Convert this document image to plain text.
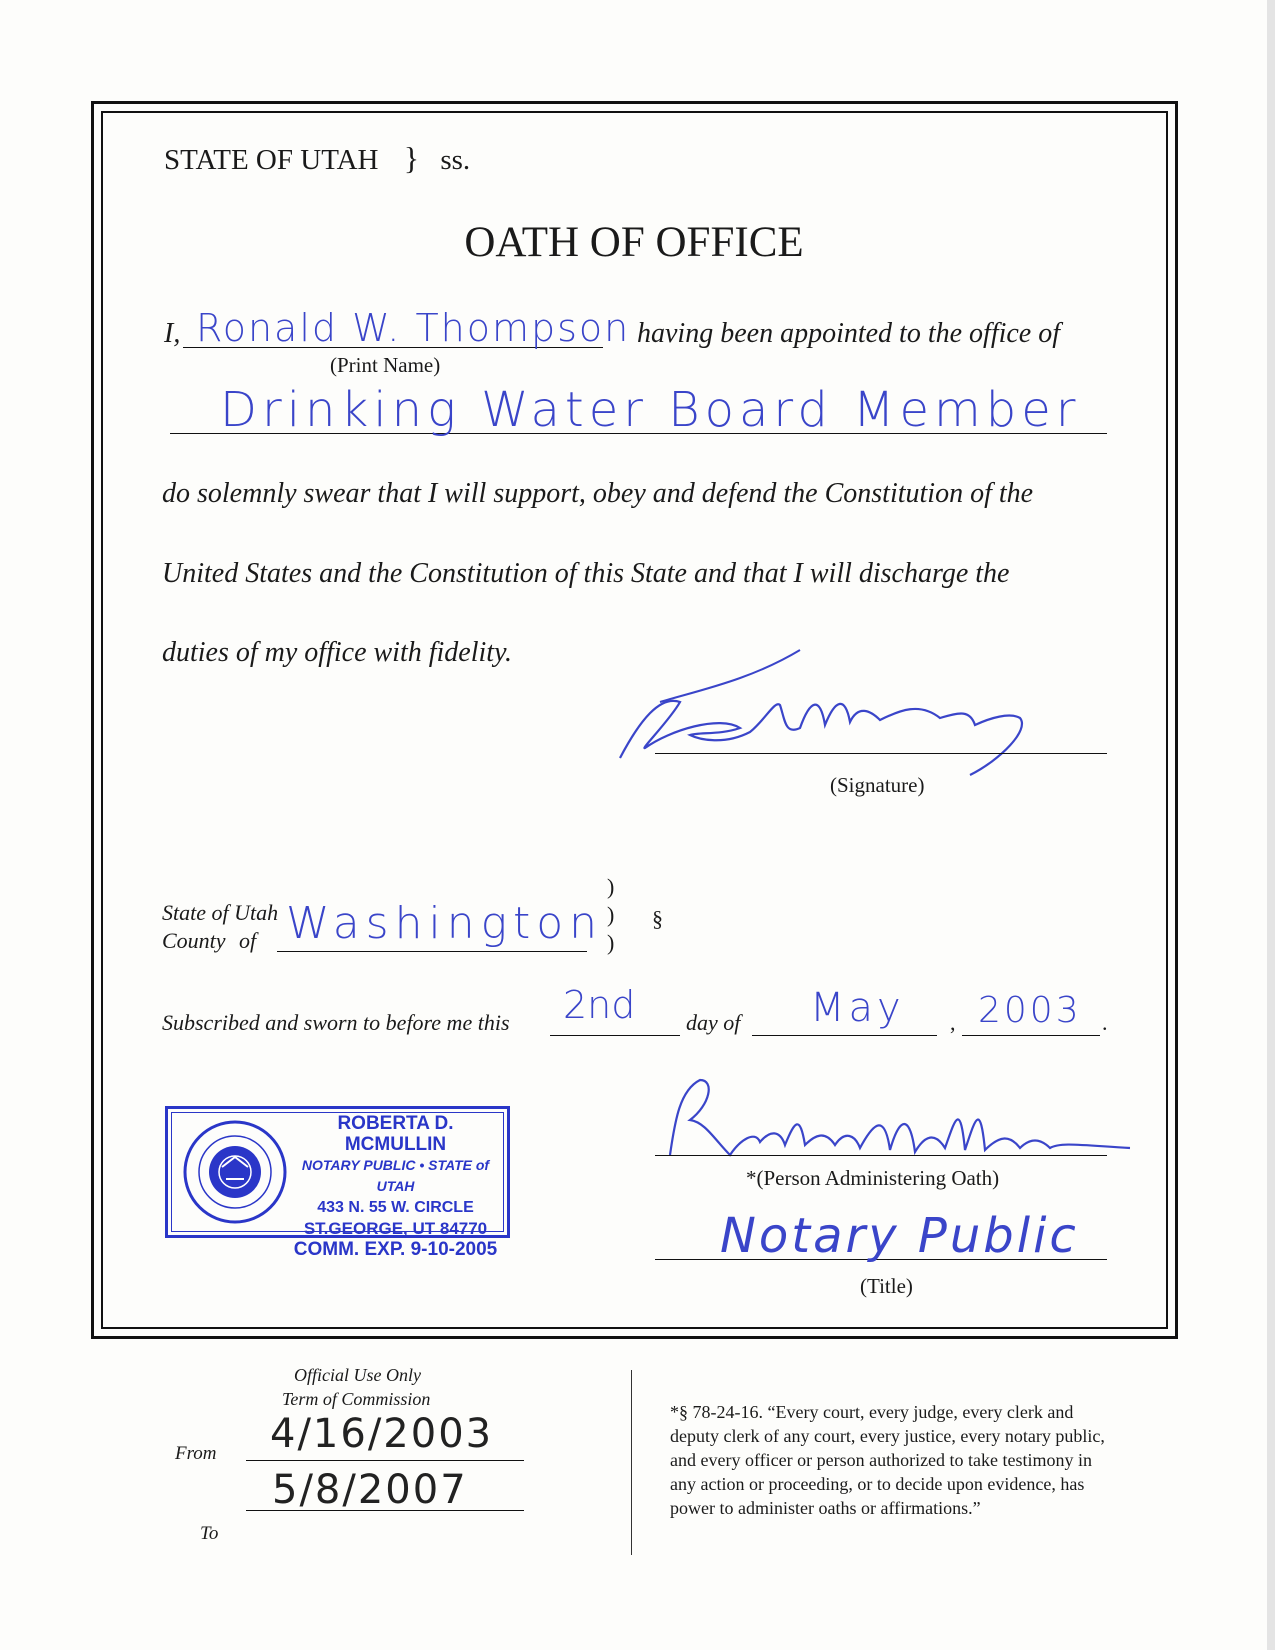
STATE OF UTAH } ss.
OATH OF OFFICE
I, Ronald W. Thompson
(Print Name)
having been appointed to the office of
Drinking Water Board Member
do solemnly swear that I will support, obey and defend the Constitution of the
United States and the Constitution of this State and that I will discharge the
duties of my office with fidelity.
(Signature)
State of Utah
County of Washington
)
)
)
§
Subscribed and sworn to before me this 2nd day of May , 2003 .
ROBERTA D. MCMULLIN
NOTARY PUBLIC • STATE of UTAH
433 N. 55 W. CIRCLE
ST.GEORGE, UT 84770
COMM. EXP. 9-10-2005
*(Person Administering Oath)
Notary Public
(Title)
Official Use Only
Term of Commission
From 4/16/2003
To
5/8/2007
*§ 78-24-16. “Every court, every judge, every clerk and
deputy clerk of any court, every justice, every notary public,
and every officer or person authorized to take testimony in
any action or proceeding, or to decide upon evidence, has
power to administer oaths or affirmations.”
